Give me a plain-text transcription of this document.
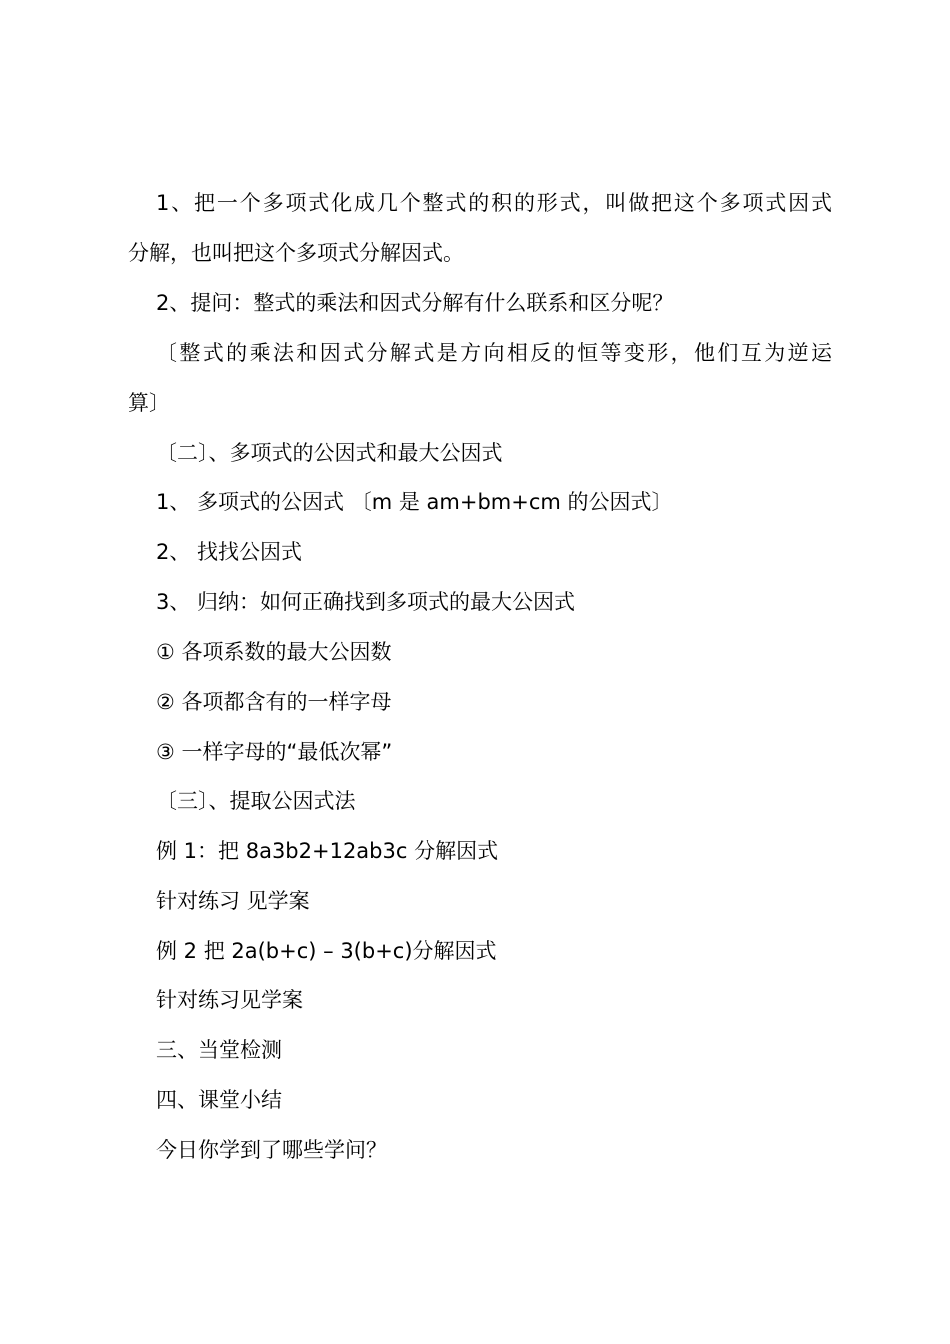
1、把一个多项式化成几个整式的积的形式，叫做把这个多项式因式
分解，也叫把这个多项式分解因式。
2、提问：整式的乘法和因式分解有什么联系和区分呢？
〔整式的乘法和因式分解式是方向相反的恒等变形，他们互为逆运
算〕
〔二〕、多项式的公因式和最大公因式
1、 多项式的公因式 〔m 是 am+bm+cm 的公因式〕
2、 找找公因式
3、 归纳：如何正确找到多项式的最大公因式
① 各项系数的最大公因数
② 各项都含有的一样字母
③ 一样字母的“最低次幂”
〔三〕、提取公因式法
例 1：把 8a3b2+12ab3c 分解因式
针对练习 见学案
例 2 把 2a(b+c) – 3(b+c)分解因式
针对练习见学案
三、当堂检测
四、课堂小结
今日你学到了哪些学问？
